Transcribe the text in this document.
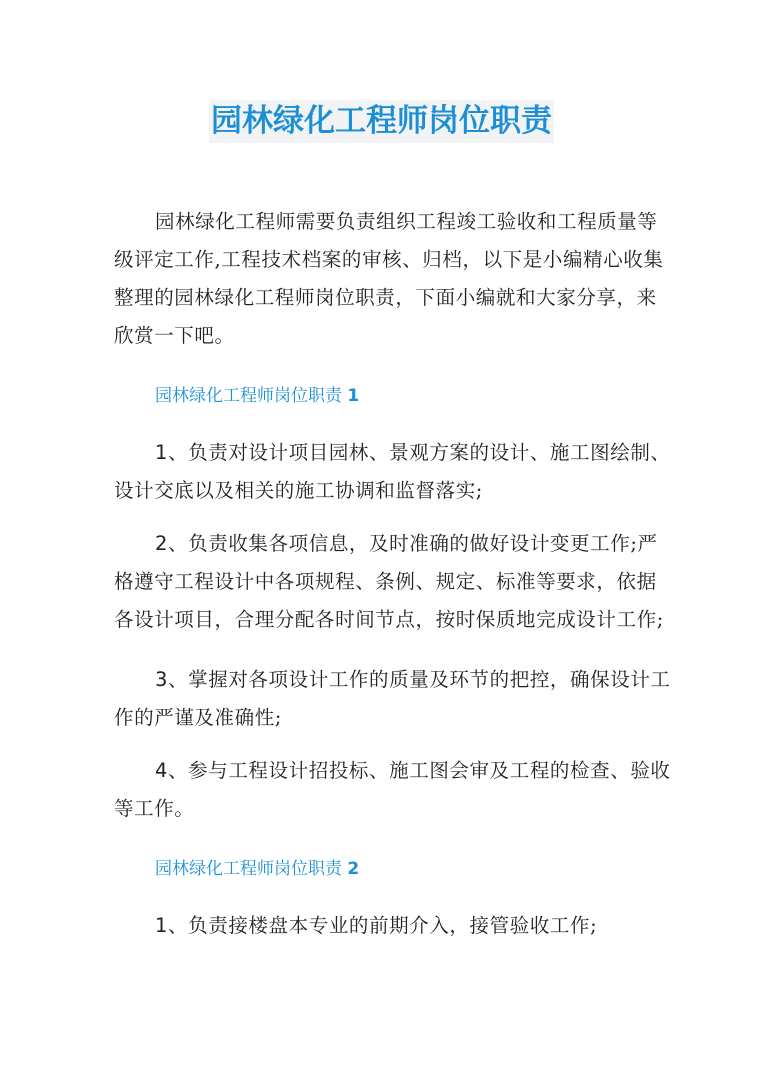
园林绿化工程师岗位职责
园林绿化工程师需要负责组织工程竣工验收和工程质量等
级评定工作,工程技术档案的审核、归档，以下是小编精心收集
整理的园林绿化工程师岗位职责，下面小编就和大家分享，来
欣赏一下吧。
园林绿化工程师岗位职责 1
1、负责对设计项目园林、景观方案的设计、施工图绘制、
设计交底以及相关的施工协调和监督落实;
2、负责收集各项信息，及时准确的做好设计变更工作;严
格遵守工程设计中各项规程、条例、规定、标准等要求，依据
各设计项目，合理分配各时间节点，按时保质地完成设计工作;
3、掌握对各项设计工作的质量及环节的把控，确保设计工
作的严谨及准确性;
4、参与工程设计招投标、施工图会审及工程的检查、验收
等工作。
园林绿化工程师岗位职责 2
1、负责接楼盘本专业的前期介入，接管验收工作;
